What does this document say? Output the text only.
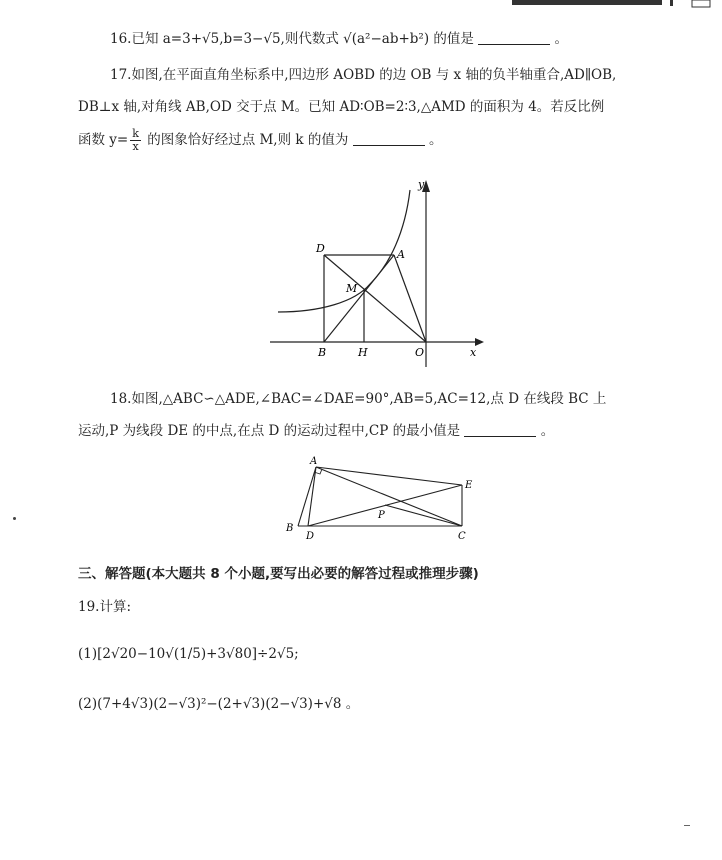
16.已知 a=3+√5,b=3−√5,则代数式 √(a²−ab+b²) 的值是	。
17.如图,在平面直角坐标系中,四边形 AOBD 的边 OB 与 x 轴的负半轴重合,AD∥OB,
DB⊥x 轴,对角线 AB,OD 交于点 M。已知 AD∶OB=2∶3,△AMD 的面积为 4。若反比例
函数 $y= \frac{k}{x}$ 的图象恰好经过点 M,则 k 的值为	。
D	A
M
B	H	O	x
y
18.如图,△ABC∽△ADE,∠BAC=∠DAE=90°,AB=5,AC=12,点 D 在线段 BC 上
运动,P 为线段 DE 的中点,在点 D 的运动过程中,CP 的最小值是	。
A
B
D	C
E
P
三、解答题(本大题共 8 个小题,要写出必要的解答过程或推理步骤)
19.计算:
(1)[2√20−10√(1/5)+3√80]÷2√5;
(2)(7+4√3)(2−√3)²−(2+√3)(2−√3)+√8 。
